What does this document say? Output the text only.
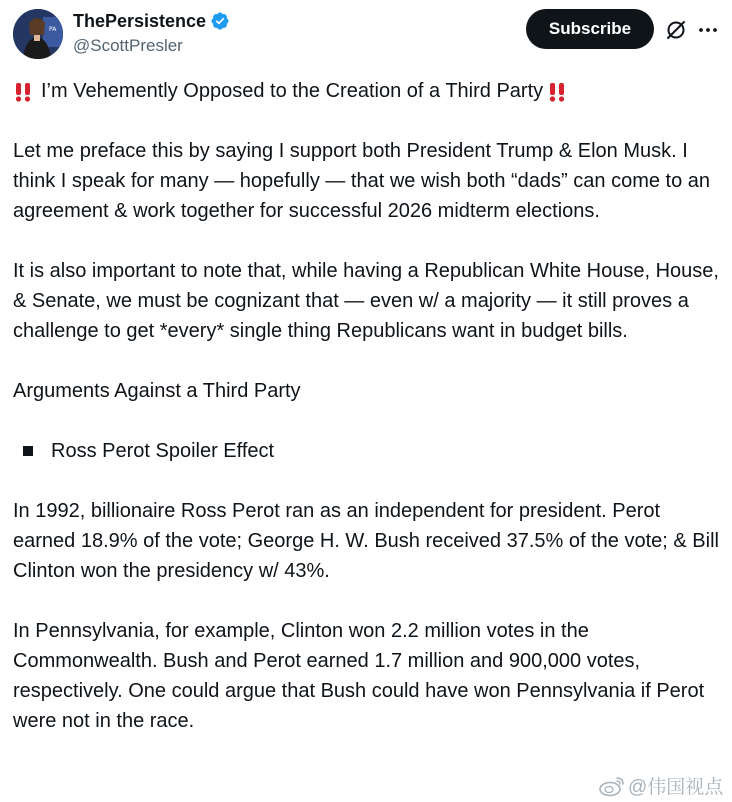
PA ThePersistence
@ScottPresler
Subscribe
I’m Vehemently Opposed to the Creation of a Third Party

Let me preface this by saying I support both President Trump & Elon Musk. I think I speak for many — hopefully — that we wish both “dads” can come to an agreement & work together for successful 2026 midterm elections.

It is also important to note that, while having a Republican White House, House, & Senate, we must be cognizant that — even w/ a majority — it still proves a challenge to get *every* single thing Republicans want in budget bills.

Arguments Against a Third Party

Ross Perot Spoiler Effect

In 1992, billionaire Ross Perot ran as an independent for president. Perot earned 18.9% of the vote; George H. W. Bush received 37.5% of the vote; & Bill Clinton won the presidency w/ 43%.

In Pennsylvania, for example, Clinton won 2.2 million votes in the Commonwealth. Bush and Perot earned 1.7 million and 900,000 votes, respectively. One could argue that Bush could have won Pennsylvania if Perot were not in the race.

@伟国视点
